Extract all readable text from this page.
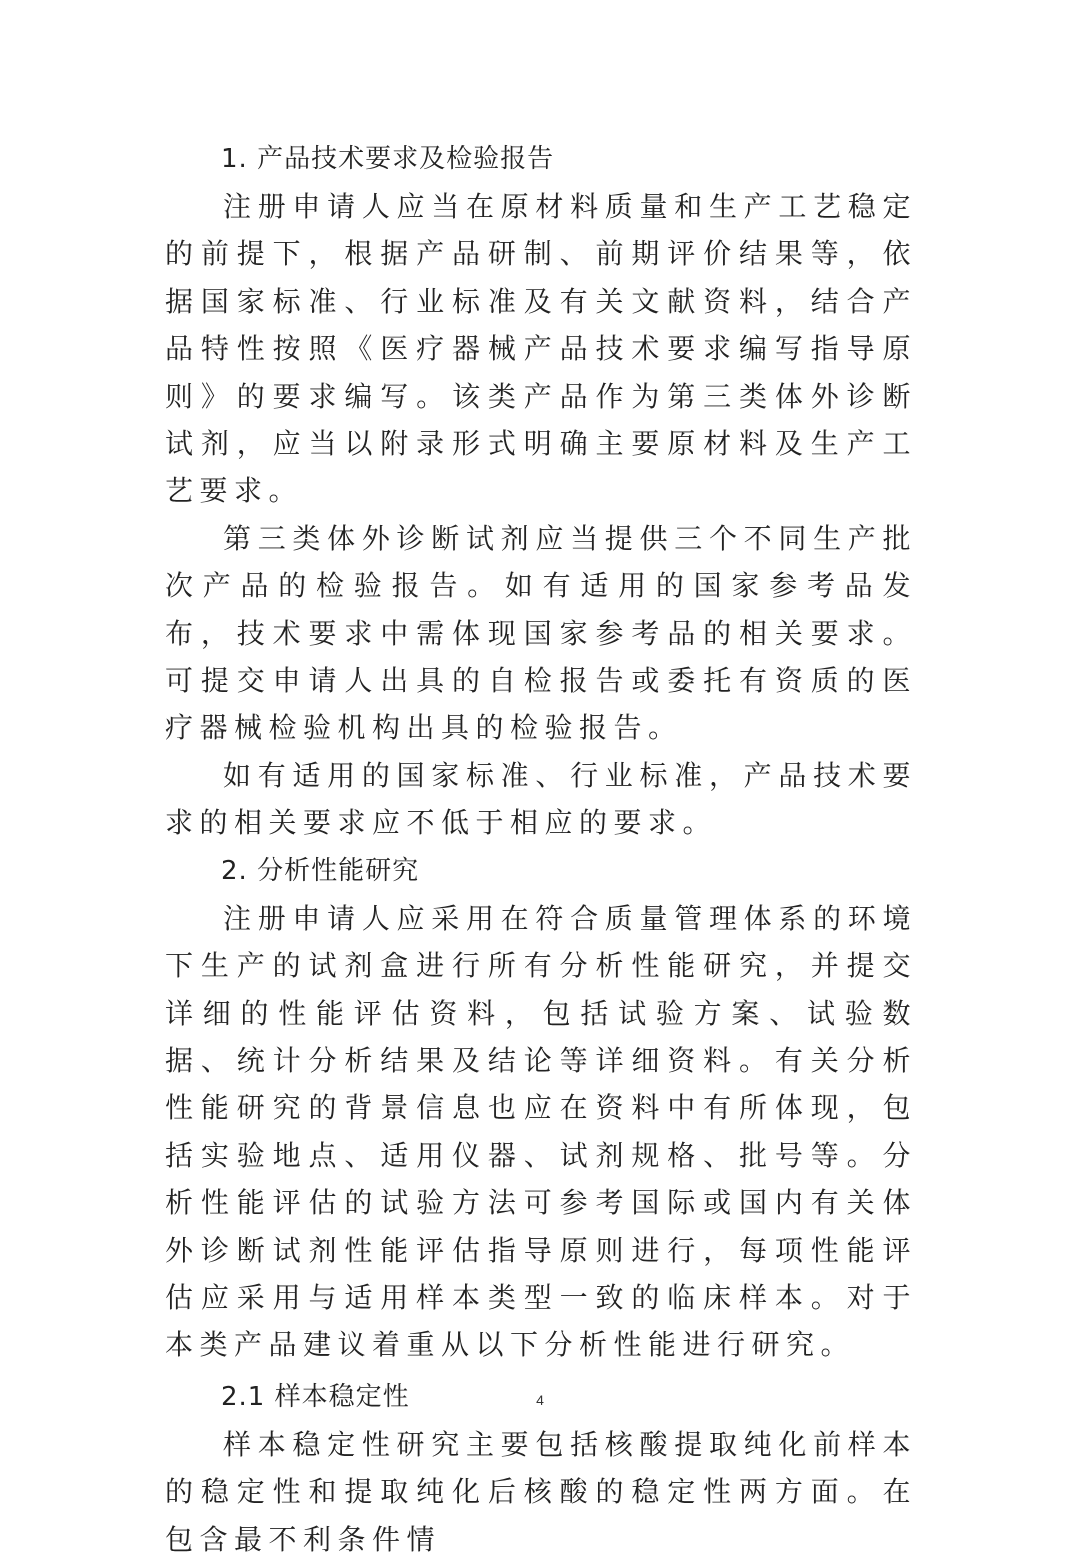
1. 产品技术要求及检验报告

注册申请人应当在原材料质量和生产工艺稳定的前提下，根据产品研制、前期评价结果等，依据国家标准、行业标准及有关文献资料，结合产品特性按照《医疗器械产品技术要求编写指导原则》的要求编写。该类产品作为第三类体外诊断试剂，应当以附录形式明确主要原材料及生产工艺要求。

第三类体外诊断试剂应当提供三个不同生产批次产品的检验报告。如有适用的国家参考品发布，技术要求中需体现国家参考品的相关要求。可提交申请人出具的自检报告或委托有资质的医疗器械检验机构出具的检验报告。

如有适用的国家标准、行业标准，产品技术要求的相关要求应不低于相应的要求。

2. 分析性能研究

注册申请人应采用在符合质量管理体系的环境下生产的试剂盒进行所有分析性能研究，并提交详细的性能评估资料，包括试验方案、试验数据、统计分析结果及结论等详细资料。有关分析性能研究的背景信息也应在资料中有所体现，包括实验地点、适用仪器、试剂规格、批号等。分析性能评估的试验方法可参考国际或国内有关体外诊断试剂性能评估指导原则进行，每项性能评估应采用与适用样本类型一致的临床样本。对于本类产品建议着重从以下分析性能进行研究。

2.1 样本稳定性

样本稳定性研究主要包括核酸提取纯化前样本的稳定性和提取纯化后核酸的稳定性两方面。在包含最不利条件情

4
